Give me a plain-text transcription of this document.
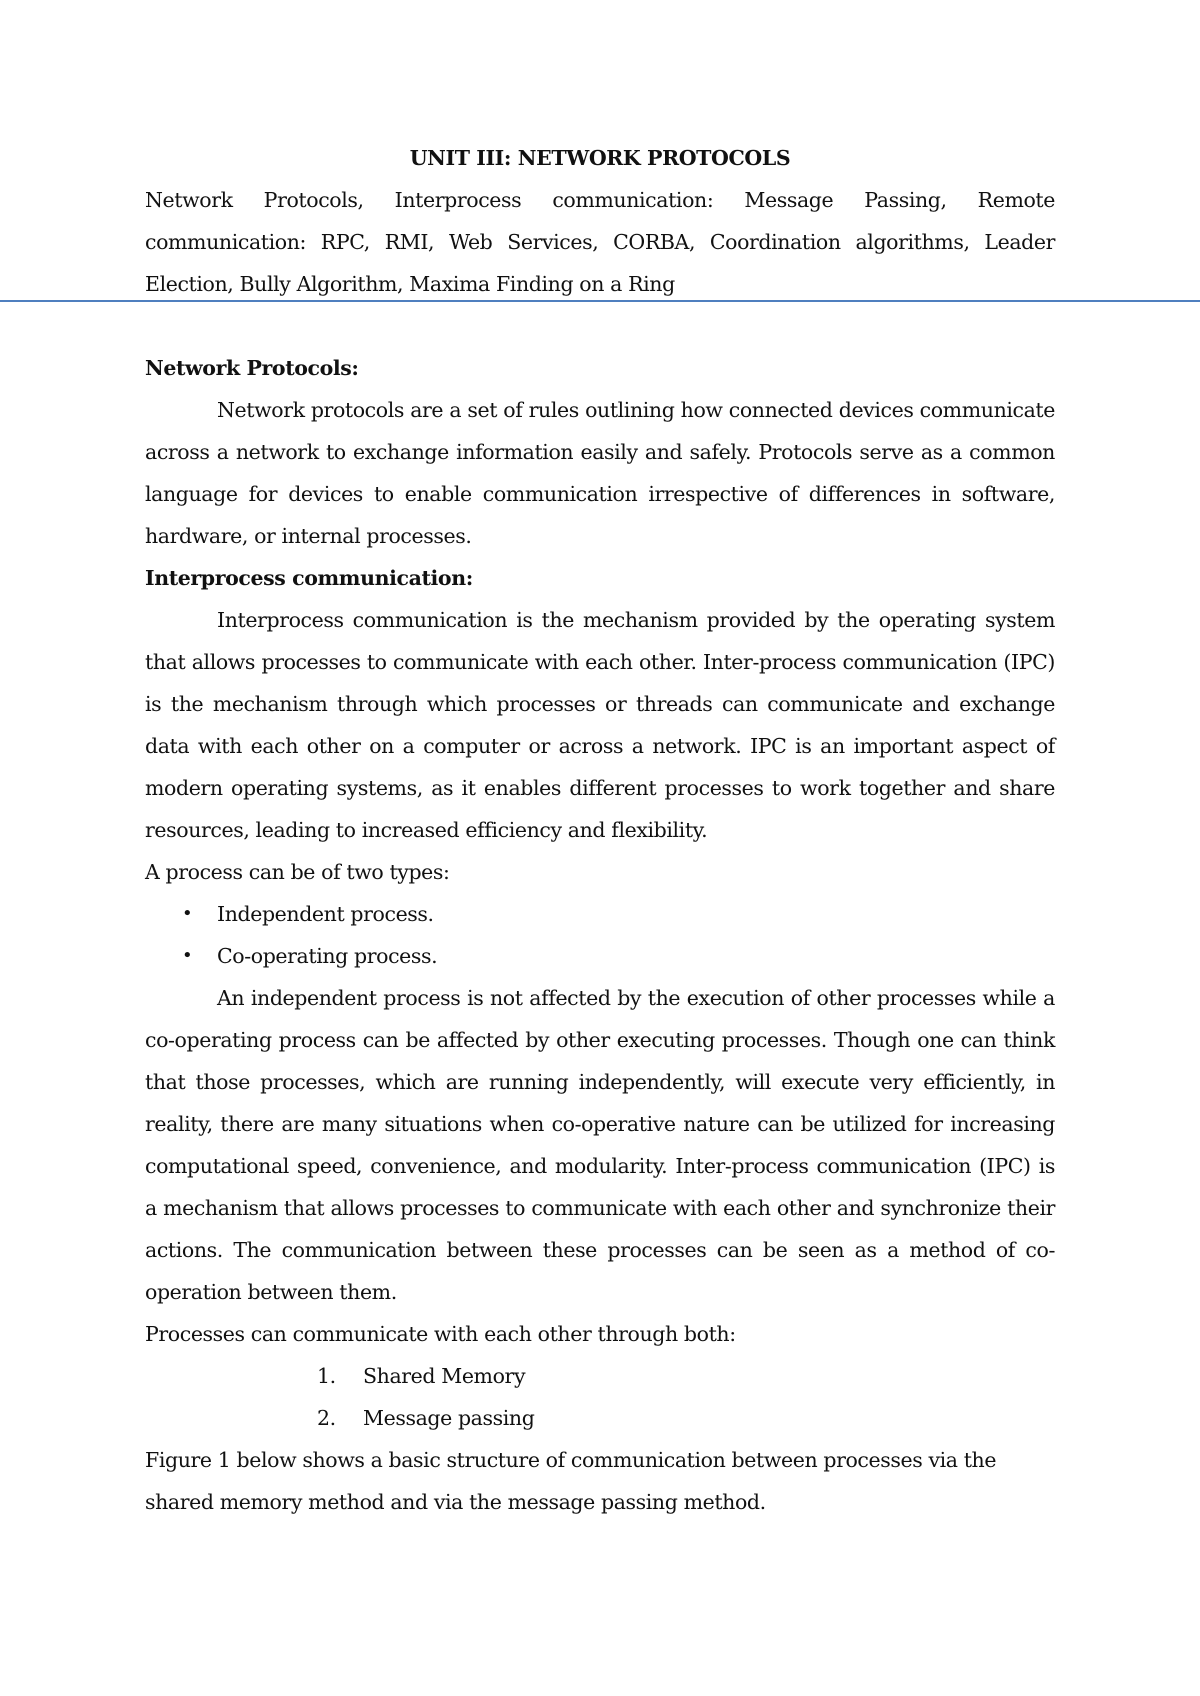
UNIT III: NETWORK PROTOCOLS

Network Protocols, Interprocess communication: Message Passing, Remote communication: RPC, RMI, Web Services, CORBA, Coordination algorithms, Leader Election, Bully Algorithm, Maxima Finding on a Ring

Network Protocols:

Network protocols are a set of rules outlining how connected devices communicate across a network to exchange information easily and safely. Protocols serve as a common language for devices to enable communication irrespective of differences in software, hardware, or internal processes.

Interprocess communication:

Interprocess communication is the mechanism provided by the operating system that allows processes to communicate with each other. Inter-process communication (IPC) is the mechanism through which processes or threads can communicate and exchange data with each other on a computer or across a network. IPC is an important aspect of modern operating systems, as it enables different processes to work together and share resources, leading to increased efficiency and flexibility.

A process can be of two types:

• Independent process.
• Co-operating process.

An independent process is not affected by the execution of other processes while a co-operating process can be affected by other executing processes. Though one can think that those processes, which are running independently, will execute very efficiently, in reality, there are many situations when co-operative nature can be utilized for increasing computational speed, convenience, and modularity. Inter-process communication (IPC) is a mechanism that allows processes to communicate with each other and synchronize their actions. The communication between these processes can be seen as a method of co-operation between them.

Processes can communicate with each other through both:

1. Shared Memory
2. Message passing

Figure 1 below shows a basic structure of communication between processes via the shared memory method and via the message passing method.
